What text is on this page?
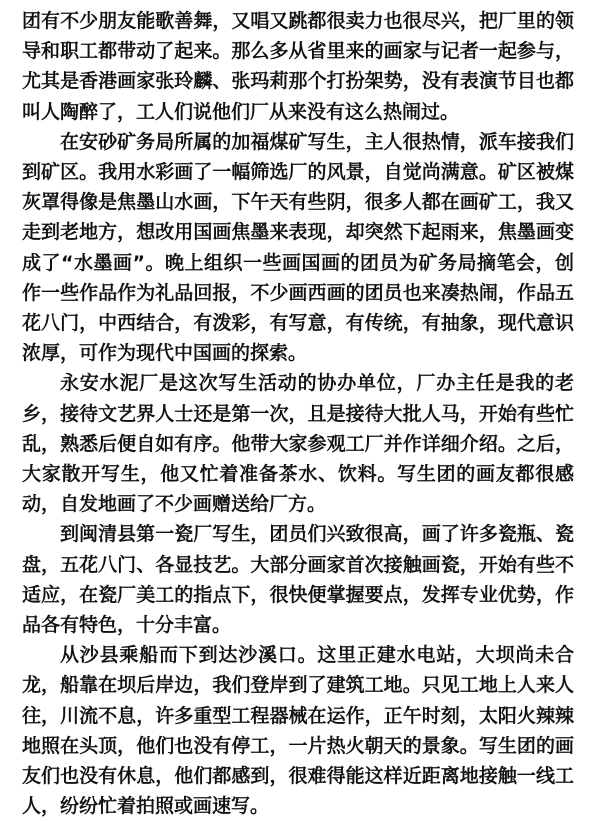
团有不少朋友能歌善舞，又唱又跳都很卖力也很尽兴，把厂里的领导和职工都带动了起来。那么多从省里来的画家与记者一起参与，尤其是香港画家张玲麟、张玛莉那个打扮架势，没有表演节目也都叫人陶醉了，工人们说他们厂从来没有这么热闹过。

在安砂矿务局所属的加福煤矿写生，主人很热情，派车接我们到矿区。我用水彩画了一幅筛选厂的风景，自觉尚满意。矿区被煤灰罩得像是焦墨山水画，下午天有些阴，很多人都在画矿工，我又走到老地方，想改用国画焦墨来表现，却突然下起雨来，焦墨画变成了“水墨画”。晚上组织一些画国画的团员为矿务局摘笔会，创作一些作品作为礼品回报，不少画西画的团员也来凑热闹，作品五花八门，中西结合，有泼彩，有写意，有传统，有抽象，现代意识浓厚，可作为现代中国画的探索。

永安水泥厂是这次写生活动的协办单位，厂办主任是我的老乡，接待文艺界人士还是第一次，且是接待大批人马，开始有些忙乱，熟悉后便自如有序。他带大家参观工厂并作详细介绍。之后，大家散开写生，他又忙着准备茶水、饮料。写生团的画友都很感动，自发地画了不少画赠送给厂方。

到闽清县第一瓷厂写生，团员们兴致很高，画了许多瓷瓶、瓷盘，五花八门、各显技艺。大部分画家首次接触画瓷，开始有些不适应，在瓷厂美工的指点下，很快便掌握要点，发挥专业优势，作品各有特色，十分丰富。

从沙县乘船而下到达沙溪口。这里正建水电站，大坝尚未合龙，船靠在坝后岸边，我们登岸到了建筑工地。只见工地上人来人往，川流不息，许多重型工程器械在运作，正午时刻，太阳火辣辣地照在头顶，他们也没有停工，一片热火朝天的景象。写生团的画友们也没有休息，他们都感到，很难得能这样近距离地接触一线工人，纷纷忙着拍照或画速写。
